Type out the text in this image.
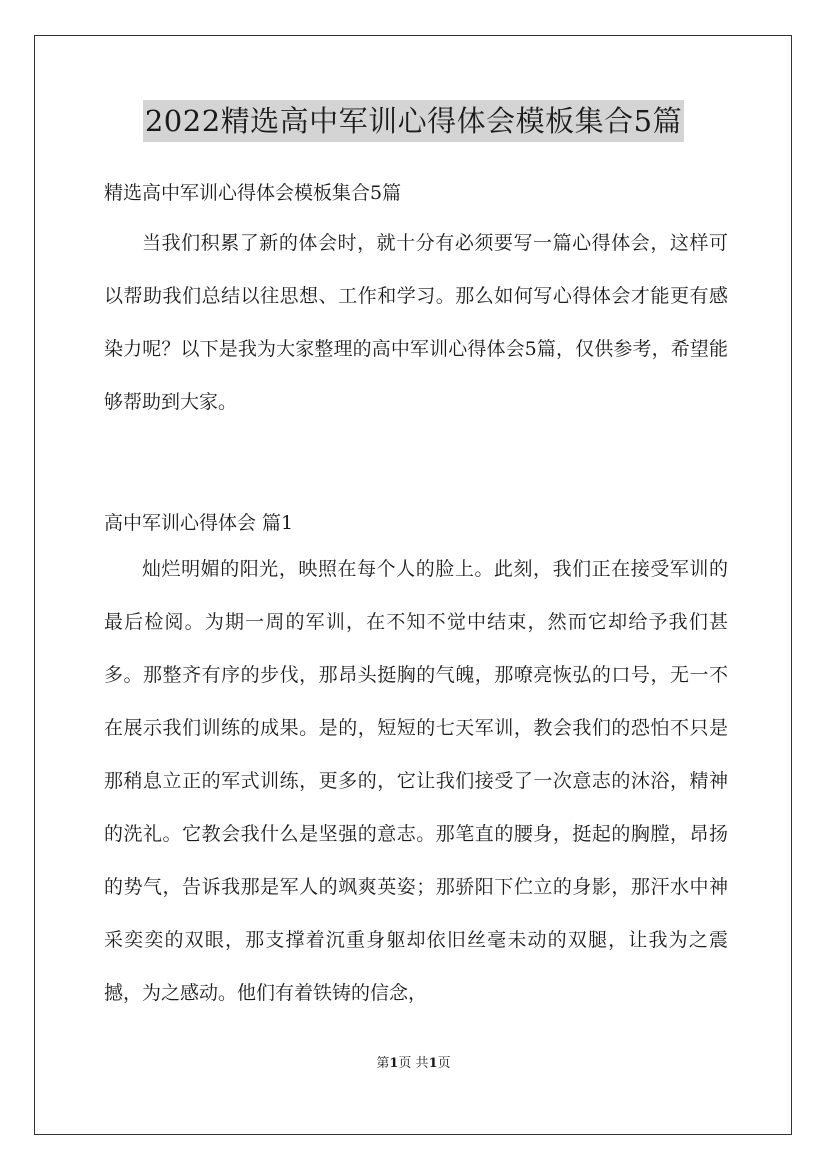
2022精选高中军训心得体会模板集合5篇
精选高中军训心得体会模板集合5篇

当我们积累了新的体会时，就十分有必须要写一篇心得体会，这样可以帮助我们总结以往思想、工作和学习。那么如何写心得体会才能更有感染力呢？以下是我为大家整理的高中军训心得体会5篇，仅供参考，希望能够帮助到大家。

高中军训心得体会 篇1

灿烂明媚的阳光，映照在每个人的脸上。此刻，我们正在接受军训的最后检阅。为期一周的军训，在不知不觉中结束，然而它却给予我们甚多。那整齐有序的步伐，那昂头挺胸的气魄，那嘹亮恢弘的口号，无一不在展示我们训练的成果。是的，短短的七天军训，教会我们的恐怕不只是那稍息立正的军式训练，更多的，它让我们接受了一次意志的沐浴，精神的洗礼。它教会我什么是坚强的意志。那笔直的腰身，挺起的胸膛，昂扬的势气，告诉我那是军人的飒爽英姿；那骄阳下伫立的身影，那汗水中神采奕奕的双眼，那支撑着沉重身躯却依旧丝毫未动的双腿，让我为之震撼，为之感动。他们有着铁铸的信念，

第1页 共1页
